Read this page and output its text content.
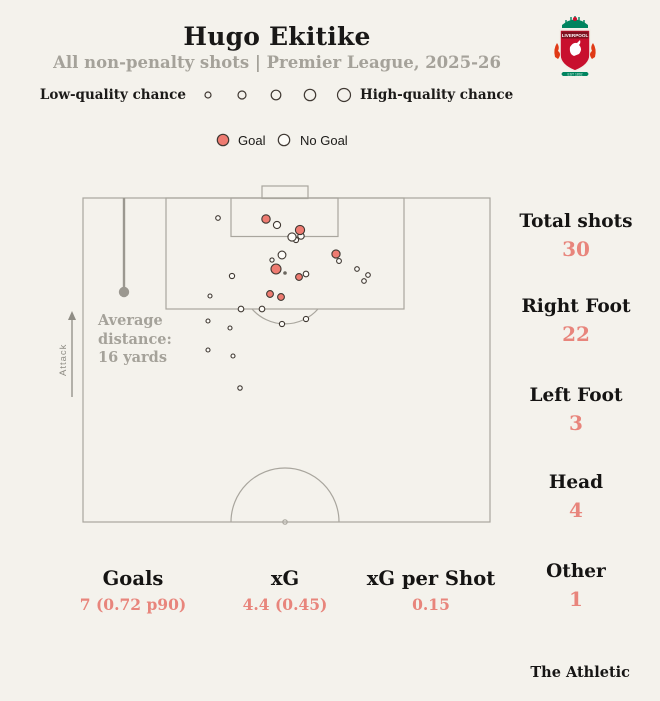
Average
distance:
16 yards
Attack
Hugo Ekitike
All non-penalty shots | Premier League, 2025-26
LIVERPOOL
EST 1892
Low-quality chance	High-quality chance
Goal	No Goal
Total shots
30
Right Foot
22
Left Foot
3
Head
4
Other
1
Goals
7 (0.72 p90)
xG
4.4 (0.45)
xG per Shot
0.15
The Athletic
